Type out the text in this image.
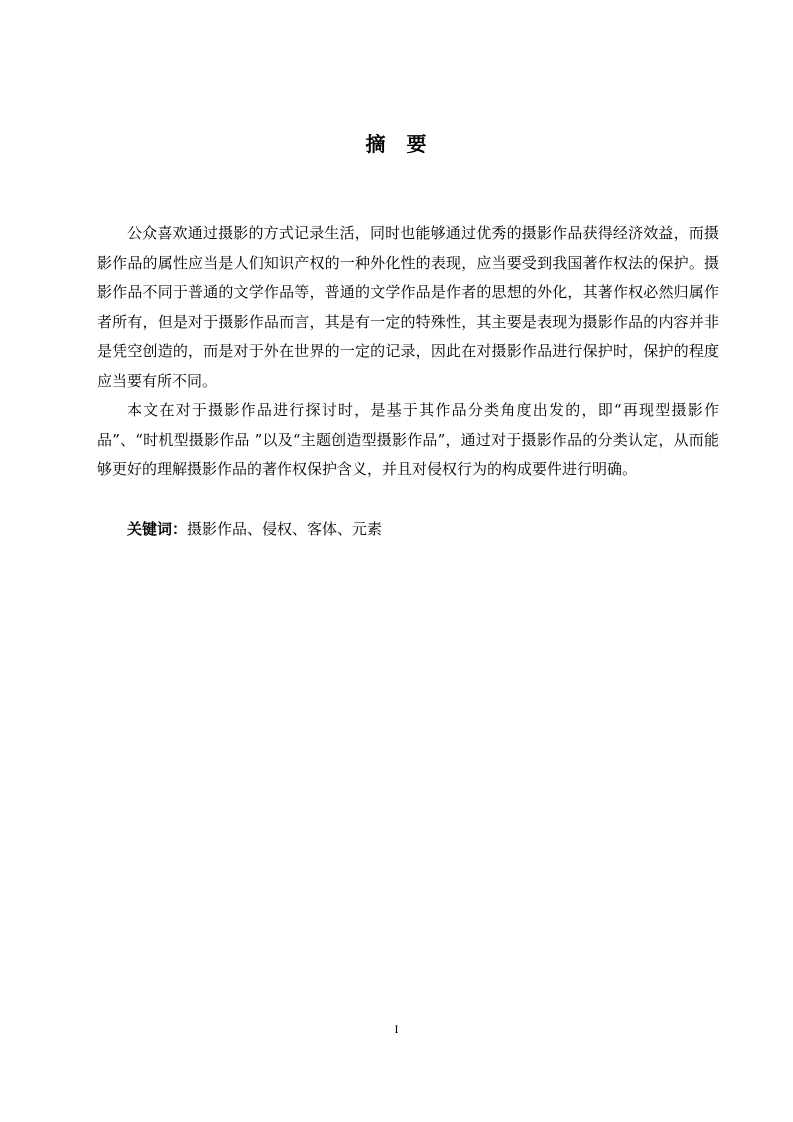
摘 要

公众喜欢通过摄影的方式记录生活，同时也能够通过优秀的摄影作品获得经济效益，而摄影作品的属性应当是人们知识产权的一种外化性的表现，应当要受到我国著作权法的保护。摄影作品不同于普通的文学作品等，普通的文学作品是作者的思想的外化，其著作权必然归属作者所有，但是对于摄影作品而言，其是有一定的特殊性，其主要是表现为摄影作品的内容并非是凭空创造的，而是对于外在世界的一定的记录，因此在对摄影作品进行保护时，保护的程度应当要有所不同。

本文在对于摄影作品进行探讨时，是基于其作品分类角度出发的，即“再现型摄影作品”、“时机型摄影作品 ”以及“主题创造型摄影作品”，通过对于摄影作品的分类认定，从而能够更好的理解摄影作品的著作权保护含义，并且对侵权行为的构成要件进行明确。

关键词：摄影作品、侵权、客体、元素
I
